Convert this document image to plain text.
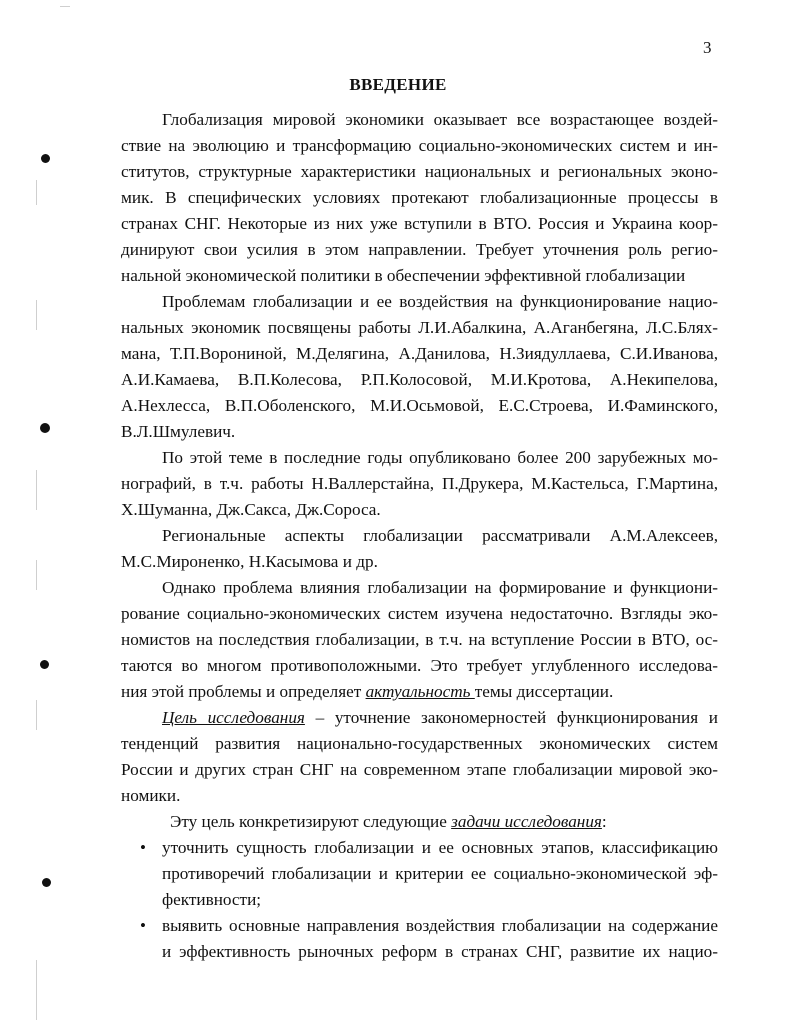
3
ВВЕДЕНИЕ
Глобализация мировой экономики оказывает все возрастающее воздей-
ствие на эволюцию и трансформацию социально-экономических систем и ин-
ститутов, структурные характеристики национальных и региональных эконо-
мик. В специфических условиях протекают глобализационные процессы в
странах СНГ. Некоторые из них уже вступили в ВТО. Россия и Украина коор-
динируют свои усилия в этом направлении. Требует уточнения роль регио-
нальной экономической политики в обеспечении эффективной глобализации
Проблемам глобализации и ее воздействия на функционирование нацио-
нальных экономик посвящены работы Л.И.Абалкина, А.Аганбегяна, Л.С.Блях-
мана, Т.П.Ворониной, М.Делягина, А.Данилова, Н.Зиядуллаева, С.И.Иванова,
А.И.Камаева, В.П.Колесова, Р.П.Колосовой, М.И.Кротова, А.Некипелова,
А.Нехлесса, В.П.Оболенского, М.И.Осьмовой, Е.С.Строева, И.Фаминского,
В.Л.Шмулевич.
По этой теме в последние годы опубликовано более 200 зарубежных мо-
нографий, в т.ч. работы Н.Валлерстайна, П.Друкера, М.Кастельса, Г.Мартина,
Х.Шуманна, Дж.Сакса, Дж.Сороса.
Региональные аспекты глобализации рассматривали А.М.Алексеев,
М.С.Мироненко, Н.Касымова и др.
Однако проблема влияния глобализации на формирование и функциони-
рование социально-экономических систем изучена недостаточно. Взгляды эко-
номистов на последствия глобализации, в т.ч. на вступление России в ВТО, ос-
таются во многом противоположными. Это требует углубленного исследова-
ния этой проблемы и определяет актуальность темы диссертации.
Цель исследования – уточнение закономерностей функционирования и
тенденций развития национально-государственных экономических систем
России и других стран СНГ на современном этапе глобализации мировой эко-
номики.
Эту цель конкретизируют следующие задачи исследования:
• уточнить сущность глобализации и ее основных этапов, классификацию
противоречий глобализации и критерии ее социально-экономической эф-
фективности;
• выявить основные направления воздействия глобализации на содержание
и эффективность рыночных реформ в странах СНГ, развитие их нацио-
